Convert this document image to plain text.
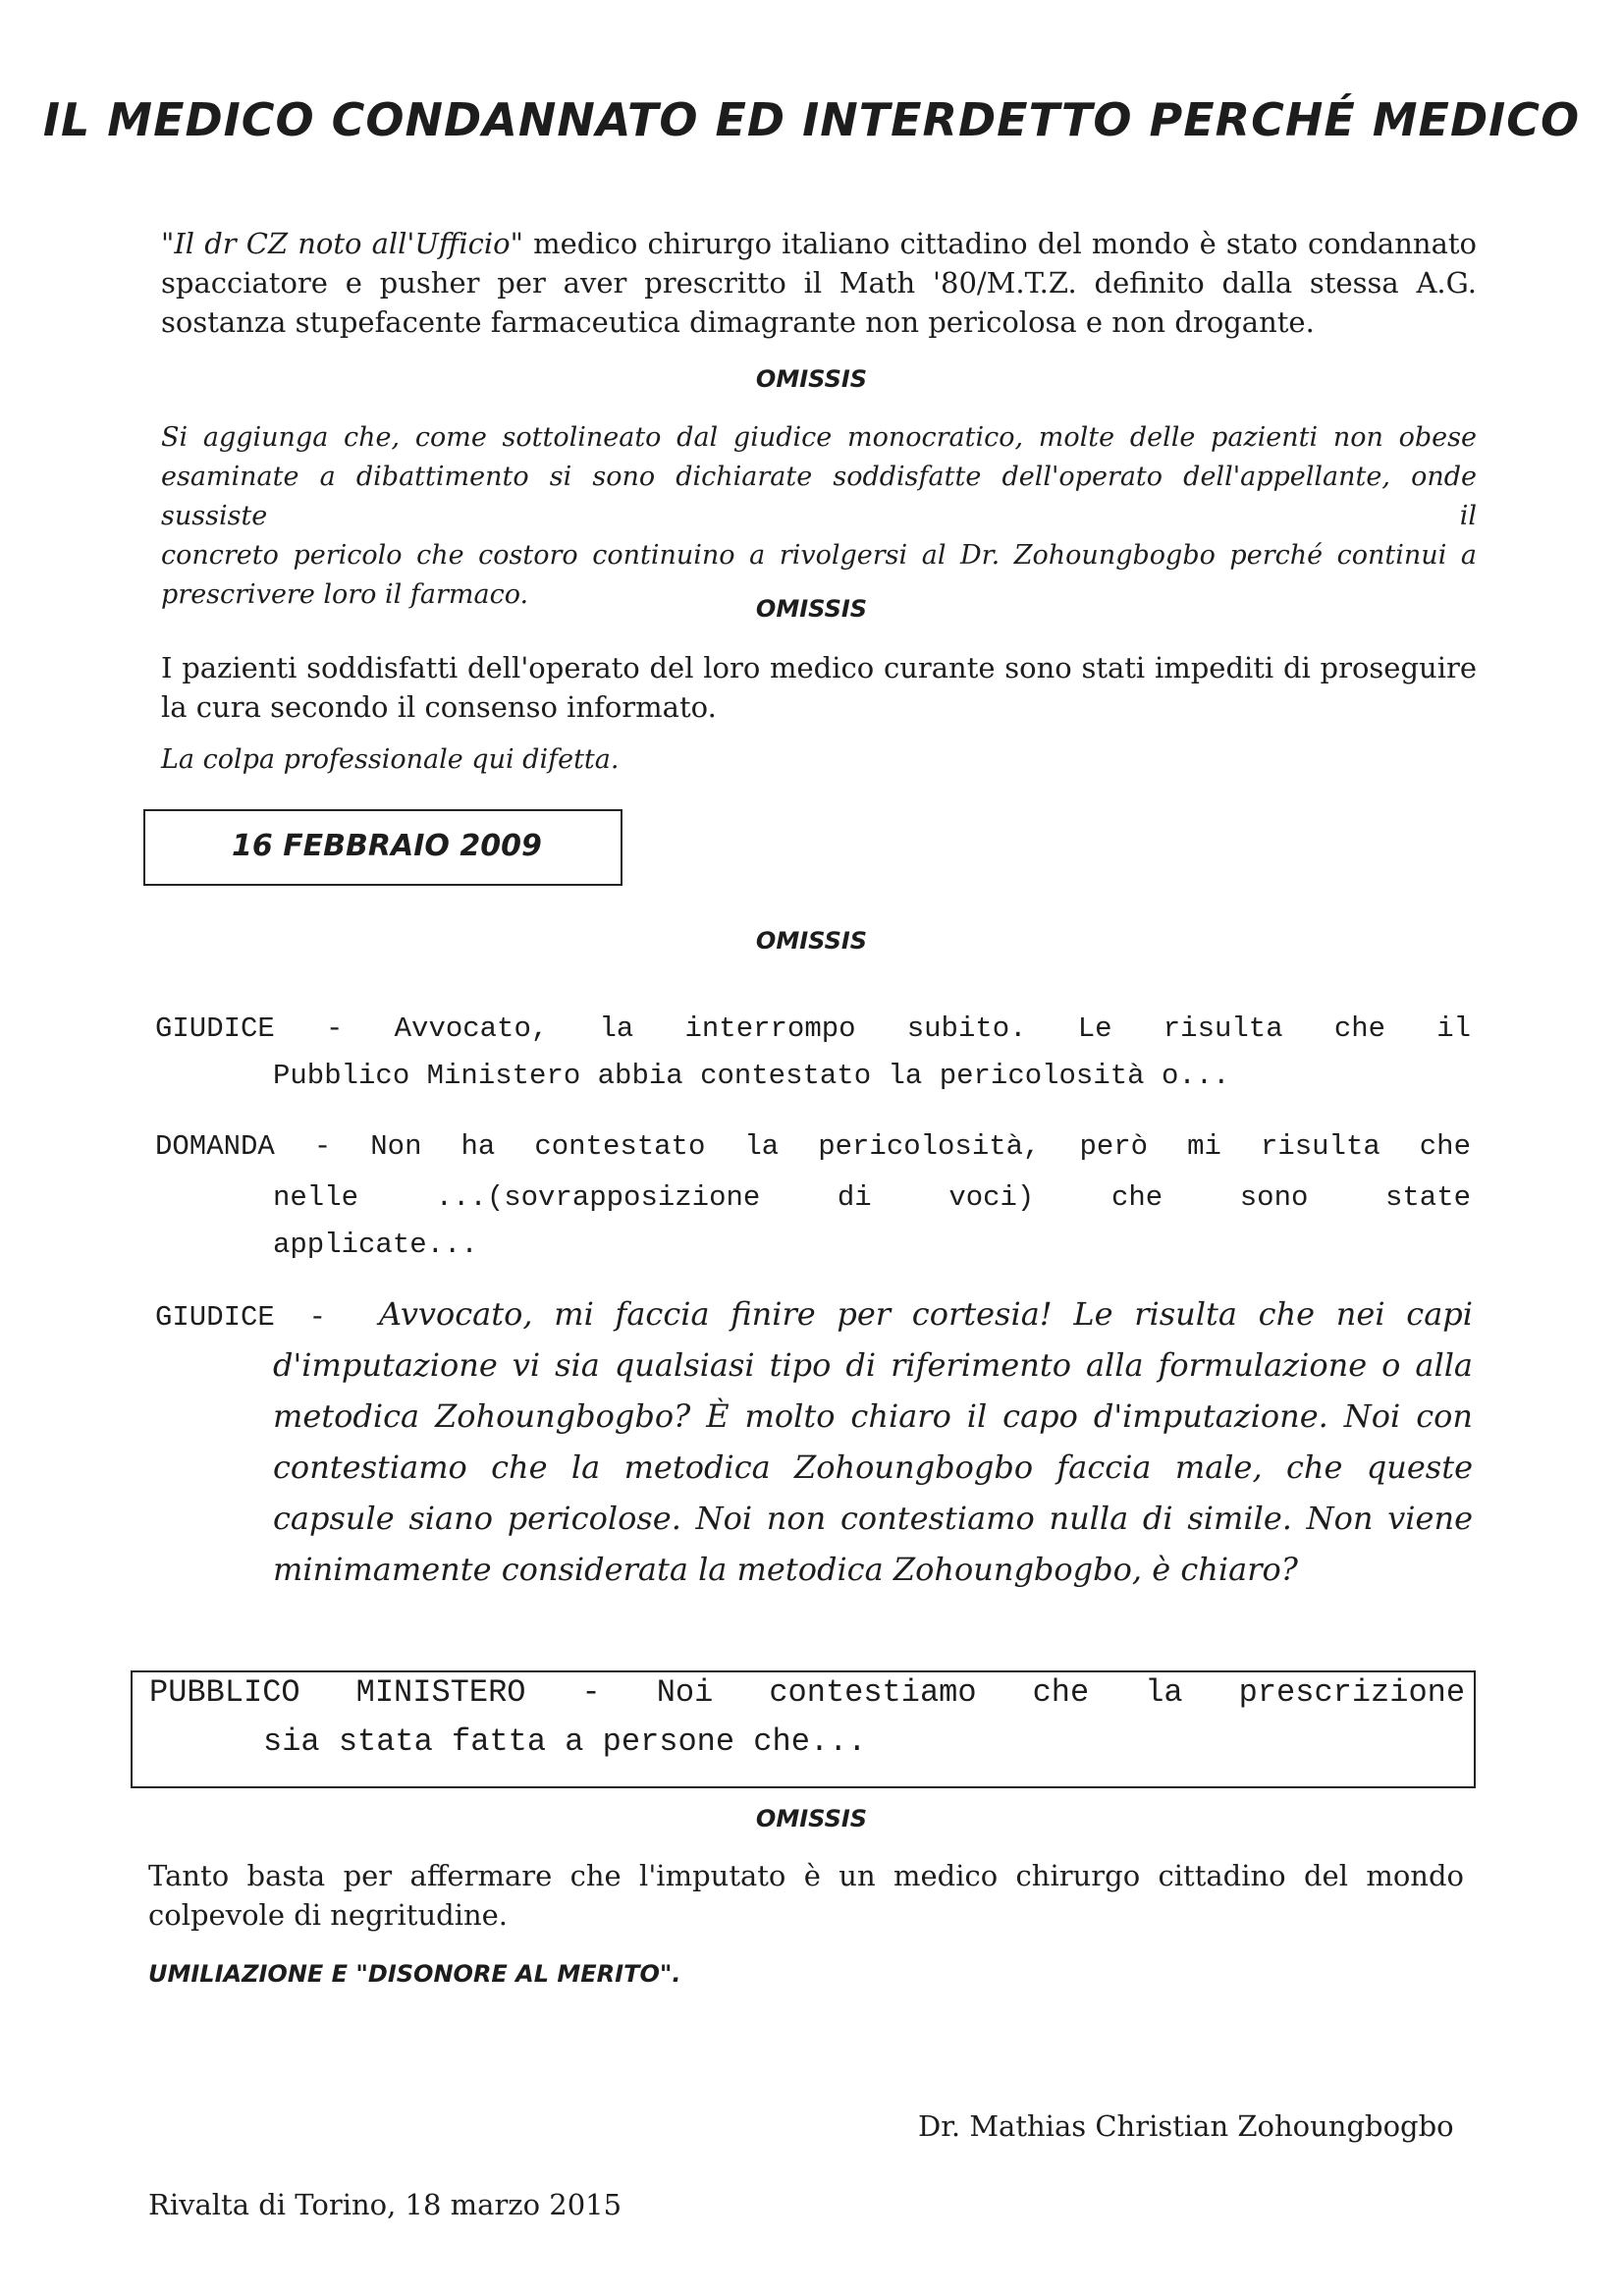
IL MEDICO CONDANNATO ED INTERDETTO PERCHÉ MEDICO
"Il dr CZ noto all'Ufficio" medico chirurgo italiano cittadino del mondo è stato condannato
spacciatore e pusher per aver prescritto il Math '80/M.T.Z. definito dalla stessa A.G.
sostanza stupefacente farmaceutica dimagrante non pericolosa e non drogante.
OMISSIS
Si aggiunga che, come sottolineato dal giudice monocratico, molte delle pazienti non obese
esaminate a dibattimento si sono dichiarate soddisfatte dell'operato dell'appellante, onde sussiste il
concreto pericolo che costoro continuino a rivolgersi al Dr. Zohoungbogbo perché continui a
prescrivere loro il farmaco.	OMISSIS
I pazienti soddisfatti dell'operato del loro medico curante sono stati impediti di proseguire
la cura secondo il consenso informato.
La colpa professionale qui difetta.
16 FEBBRAIO 2009
OMISSIS
GIUDICE - Avvocato, la interrompo subito. Le risulta che il
Pubblico Ministero abbia contestato la pericolosità o...
DOMANDA - Non ha contestato la pericolosità, però mi risulta che
nelle	...(sovrapposizione	di	voci)	che	sono	state
applicate...
GIUDICE  -	Avvocato, mi faccia finire per cortesia! Le risulta che nei capi d'imputazione vi sia qualsiasi tipo di riferimento alla formulazione o alla metodica Zohoungbogbo? È molto chiaro il capo d'imputazione. Noi con contestiamo che la metodica Zohoungbogbo faccia male, che queste capsule siano pericolose. Noi non contestiamo nulla di simile. Non viene minimamente considerata la metodica Zohoungbogbo, è chiaro?
PUBBLICO MINISTERO - Noi contestiamo che la prescrizione
sia stata fatta a persone che...
OMISSIS
Tanto basta per affermare che l'imputato è un medico chirurgo cittadino del mondo
colpevole di negritudine.
UMILIAZIONE E "DISONORE AL MERITO".
Dr. Mathias Christian Zohoungbogbo
Rivalta di Torino, 18 marzo 2015
